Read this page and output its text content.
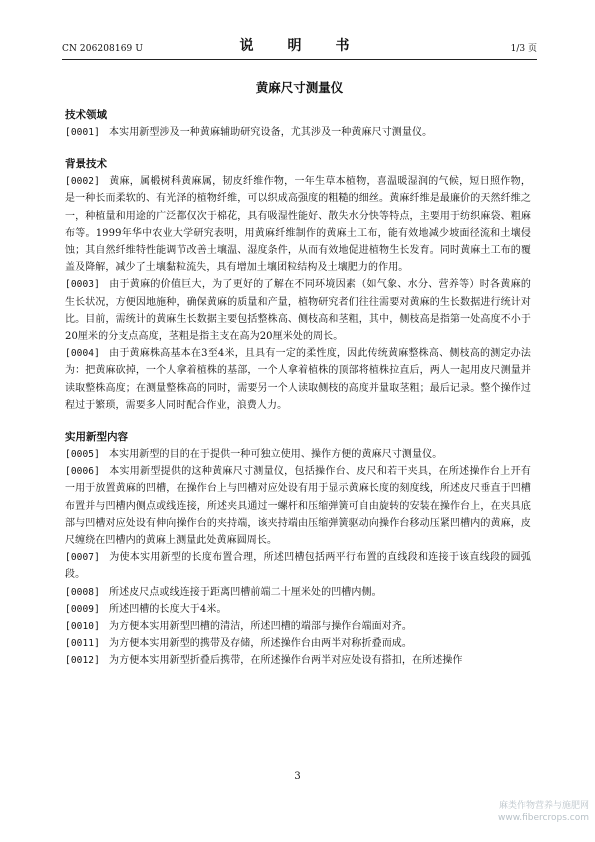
CN 206208169 U	说　明　书	1/3 页
黄麻尺寸测量仪

技术领域

[0001] 本实用新型涉及一种黄麻辅助研究设备，尤其涉及一种黄麻尺寸测量仪。

背景技术

[0002] 黄麻，属椴树科黄麻属，韧皮纤维作物，一年生草本植物，喜温暖湿润的气候，短日照作物，是一种长而柔软的、有光泽的植物纤维，可以织成高强度的粗糙的细丝。黄麻纤维是最廉价的天然纤维之一，种植量和用途的广泛都仅次于棉花，具有吸湿性能好、散失水分快等特点，主要用于纺织麻袋、粗麻布等。1999年华中农业大学研究表明，用黄麻纤维制作的黄麻土工布，能有效地减少坡面径流和土壤侵蚀；其自然纤维特性能调节改善土壤温、湿度条件，从而有效地促进植物生长发育。同时黄麻土工布的覆盖及降解，减少了土壤黏粒流失，具有增加土壤团粒结构及土壤肥力的作用。

[0003] 由于黄麻的价值巨大，为了更好的了解在不同环境因素（如气象、水分、营养等）时各黄麻的生长状况，方便因地施种，确保黄麻的质量和产量，植物研究者们往往需要对黄麻的生长数据进行统计对比。目前，需统计的黄麻生长数据主要包括整株高、侧枝高和茎粗，其中，侧枝高是指第一处高度不小于20厘米的分支点高度，茎粗是指主支在高为20厘米处的周长。

[0004] 由于黄麻株高基本在3至4米，且具有一定的柔性度，因此传统黄麻整株高、侧枝高的测定办法为：把黄麻砍掉，一个人拿着植株的基部，一个人拿着植株的顶部将植株拉直后，两人一起用皮尺测量并读取整株高度；在测量整株高的同时，需要另一个人读取侧枝的高度并量取茎粗；最后记录。整个操作过程过于繁琐，需要多人同时配合作业，浪费人力。

实用新型内容

[0005] 本实用新型的目的在于提供一种可独立使用、操作方便的黄麻尺寸测量仪。

[0006] 本实用新型提供的这种黄麻尺寸测量仪，包括操作台、皮尺和若干夹具，在所述操作台上开有一用于放置黄麻的凹槽，在操作台上与凹槽对应处设有用于显示黄麻长度的刻度线，所述皮尺垂直于凹槽布置并与凹槽内侧点或线连接，所述夹具通过一螺杆和压缩弹簧可自由旋转的安装在操作台上，在夹具底部与凹槽对应处设有伸向操作台的夹持端，该夹持端由压缩弹簧驱动向操作台移动压紧凹槽内的黄麻，皮尺缠绕在凹槽内的黄麻上测量此处黄麻圆周长。

[0007] 为使本实用新型的长度布置合理，所述凹槽包括两平行布置的直线段和连接于该直线段的圆弧段。

[0008] 所述皮尺点或线连接于距离凹槽前端二十厘米处的凹槽内侧。

[0009] 所述凹槽的长度大于4米。

[0010] 为方便本实用新型凹槽的清洁，所述凹槽的端部与操作台端面对齐。

[0011] 为方便本实用新型的携带及存储，所述操作台由两半对称折叠而成。

[0012] 为方便本实用新型折叠后携带，在所述操作台两半对应处设有搭扣，在所述操作

3
麻类作物营养与施肥网
www.fibercrops.com
